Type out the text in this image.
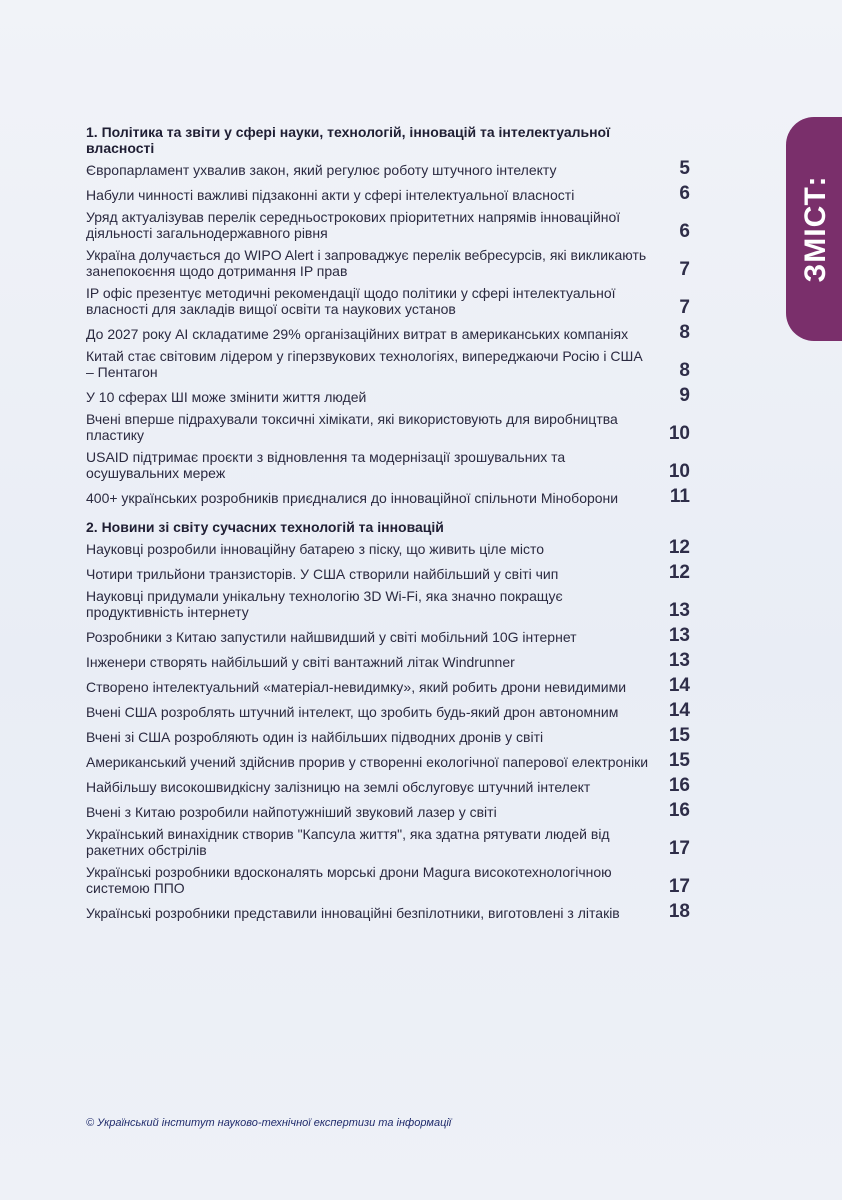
ЗМІСТ:
1. Політика та звіти у сфері науки, технологій, інновацій та інтелектуальної власності
Європарламент ухвалив закон, який регулює роботу штучного інтелекту	5
Набули чинності важливі підзаконні акти у сфері інтелектуальної власності	6
Уряд актуалізував перелік середньострокових пріоритетних напрямів інноваційної діяльності загальнодержавного рівня	6
Україна долучається до WIPO Alert і запроваджує перелік вебресурсів, які викликають занепокоєння щодо дотримання IP прав	7
IP офіс презентує методичні рекомендації щодо політики у сфері інтелектуальної власності для закладів вищої освіти та наукових установ	7
До 2027 року AI складатиме 29% організаційних витрат в американських компаніях	8
Китай стає світовим лідером у гіперзвукових технологіях, випереджаючи Росію і США – Пентагон	8
У 10 сферах ШІ може змінити життя людей	9
Вчені вперше підрахували токсичні хімікати, які використовують для виробництва пластику	10
USAID підтримає проєкти з відновлення та модернізації зрошувальних та осушувальних мереж	10
400+ українських розробників приєдналися до інноваційної спільноти Міноборони	11
2. Новини зі світу сучасних технологій та інновацій
Науковці розробили інноваційну батарею з піску, що живить ціле місто	12
Чотири трильйони транзисторів. У США створили найбільший у світі чип	12
Науковці придумали унікальну технологію 3D Wi-Fi, яка значно покращує продуктивність інтернету	13
Розробники з Китаю запустили найшвидший у світі мобільний 10G інтернет	13
Інженери створять найбільший у світі вантажний літак Windrunner	13
Створено інтелектуальний «матеріал-невидимку», який робить дрони невидимими	14
Вчені США розроблять штучний інтелект, що зробить будь-який дрон автономним	14
Вчені зі США розробляють один із найбільших підводних дронів у світі	15
Американський учений здійснив прорив у створенні екологічної паперової електроніки	15
Найбільшу високошвидкісну залізницю на землі обслуговує штучний інтелект	16
Вчені з Китаю розробили найпотужніший звуковий лазер у світі	16
Український винахідник створив "Капсула життя", яка здатна рятувати людей від ракетних обстрілів	17
Українські розробники вдосконалять морські дрони Magura високотехнологічною системою ППО	17
Українські розробники представили інноваційні безпілотники, виготовлені з літаків	18
© Український інститут науково-технічної експертизи та інформації
